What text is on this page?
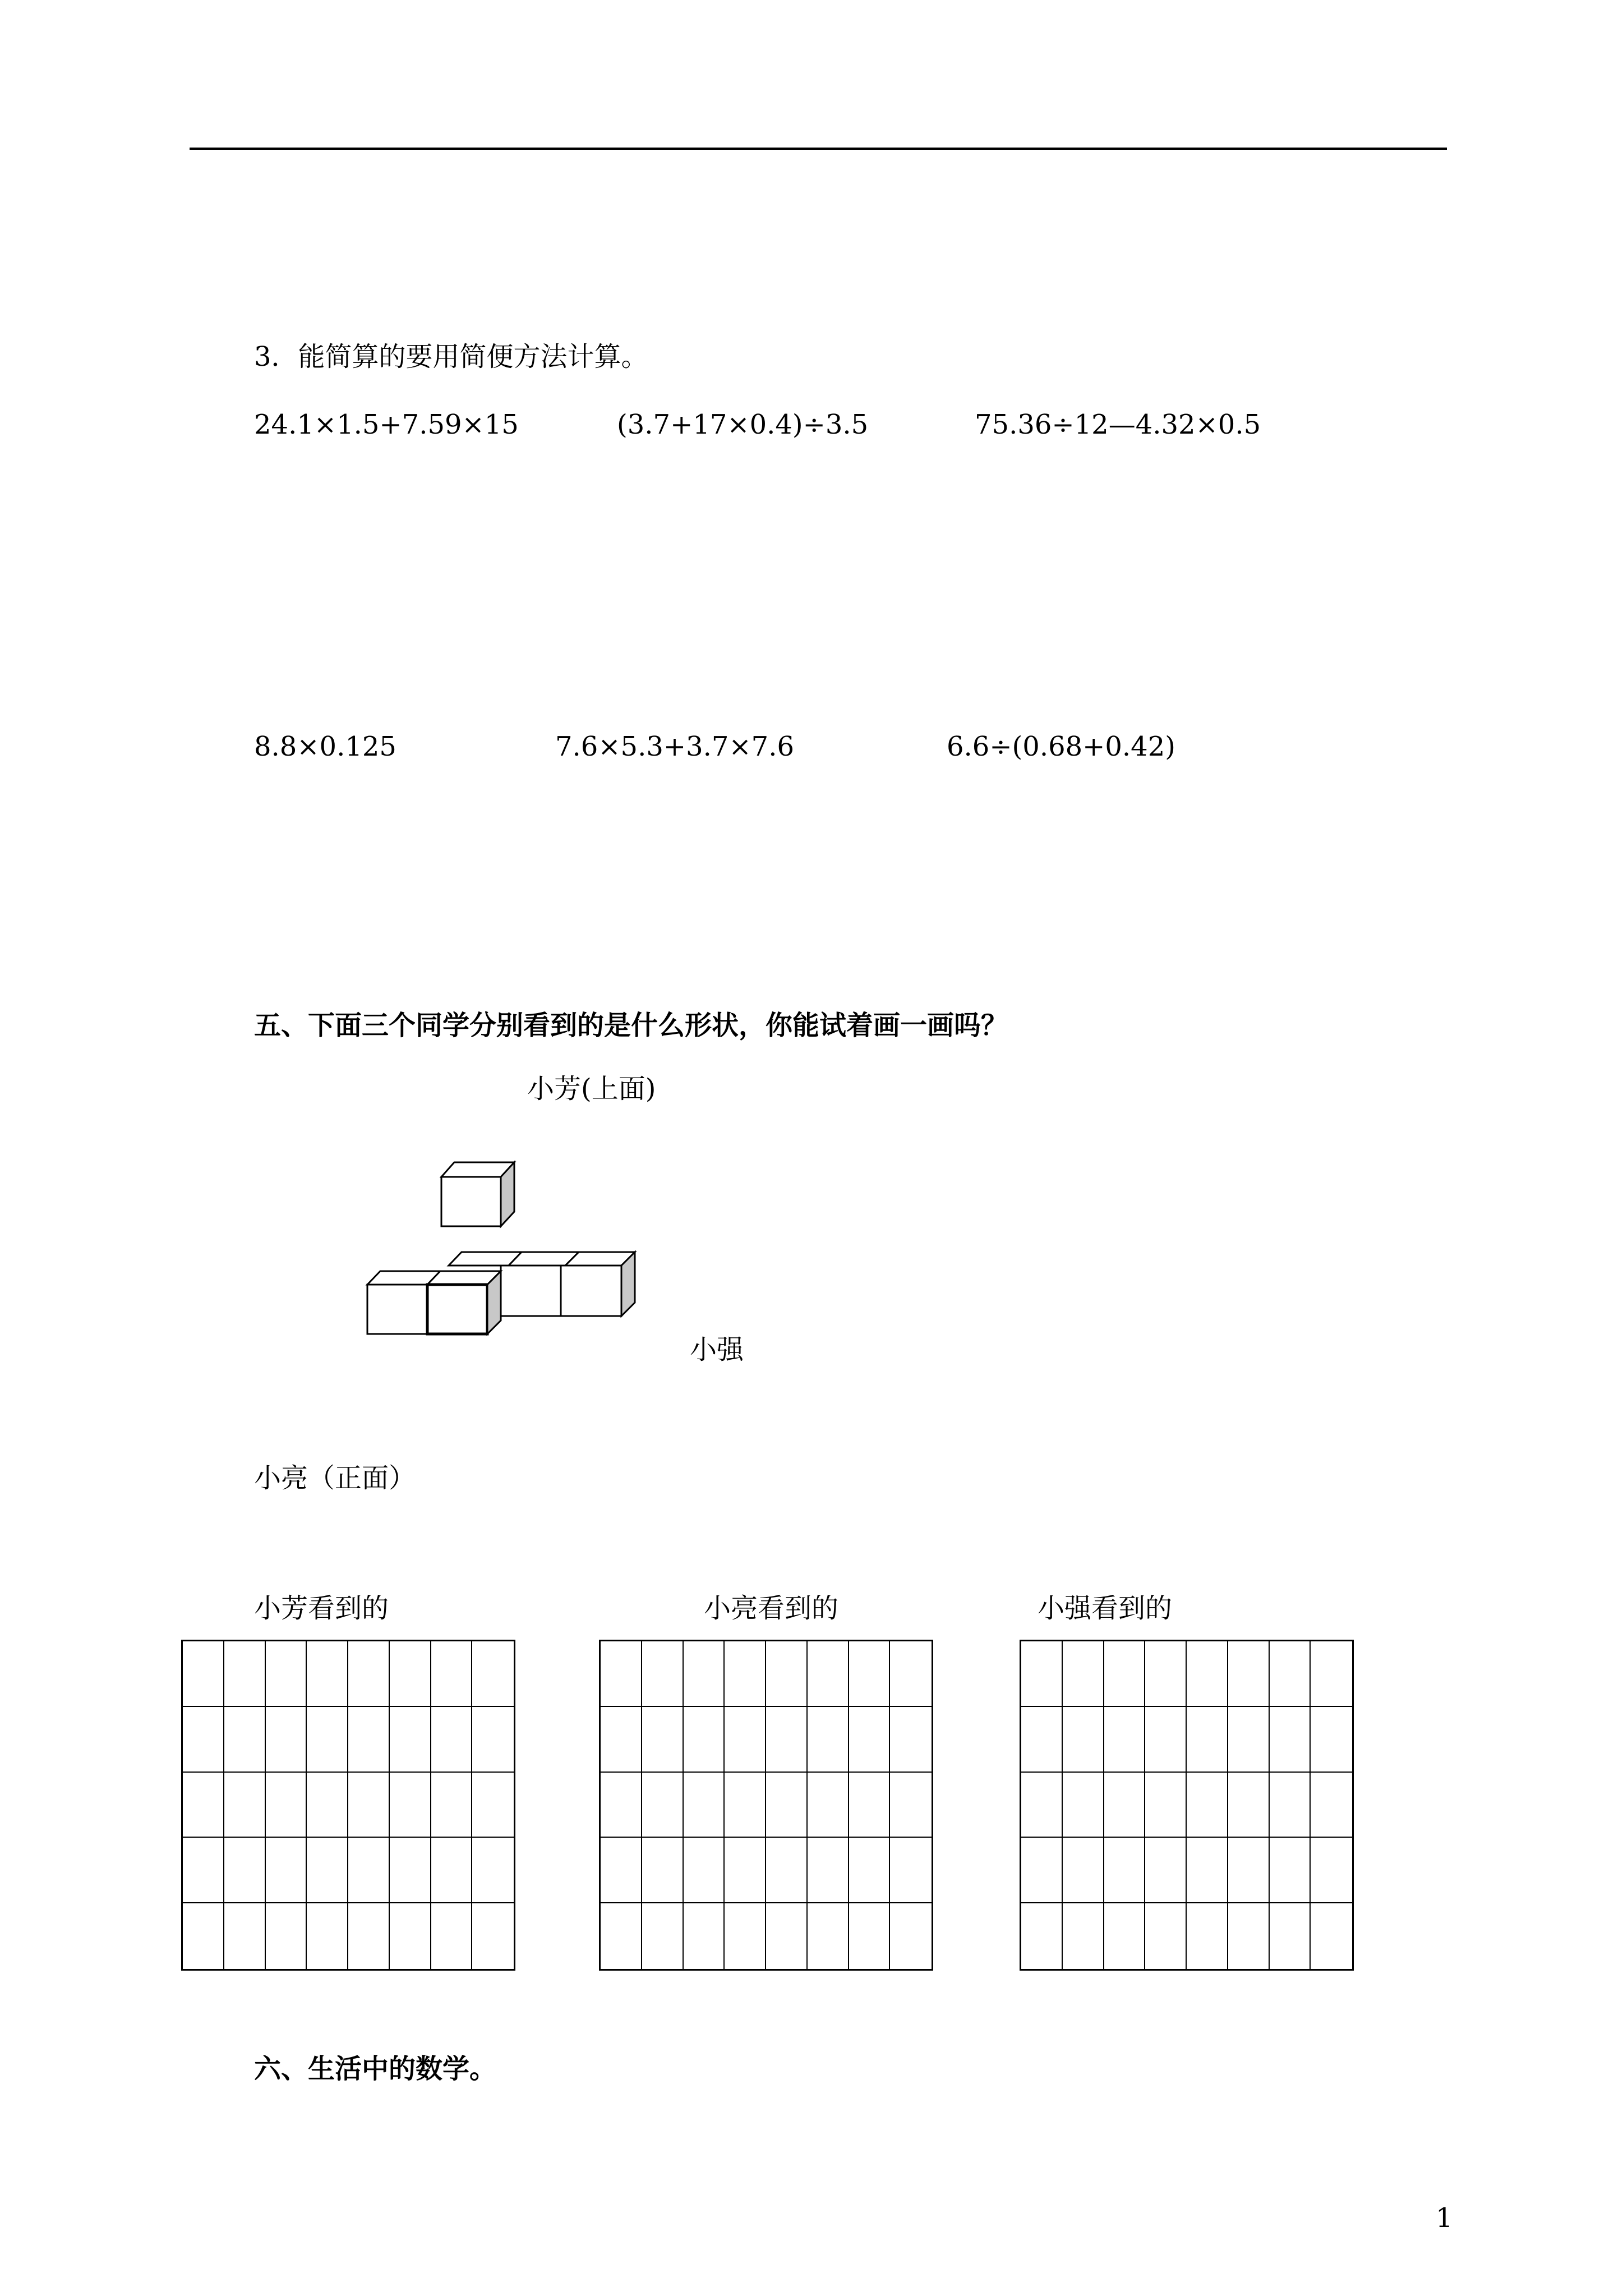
3．能简算的要用简便方法计算。
24.1×1.5+7.59×15	(3.7+17×0.4)÷3.5	75.36÷12—4.32×0.5
8.8×0.125	7.6×5.3+3.7×7.6	6.6÷(0.68+0.42)
五、下面三个同学分别看到的是什么形状，你能试着画一画吗？
小芳(上面)
小强
小亮（正面）
小芳看到的	小亮看到的	小强看到的
六、生活中的数学。
1
